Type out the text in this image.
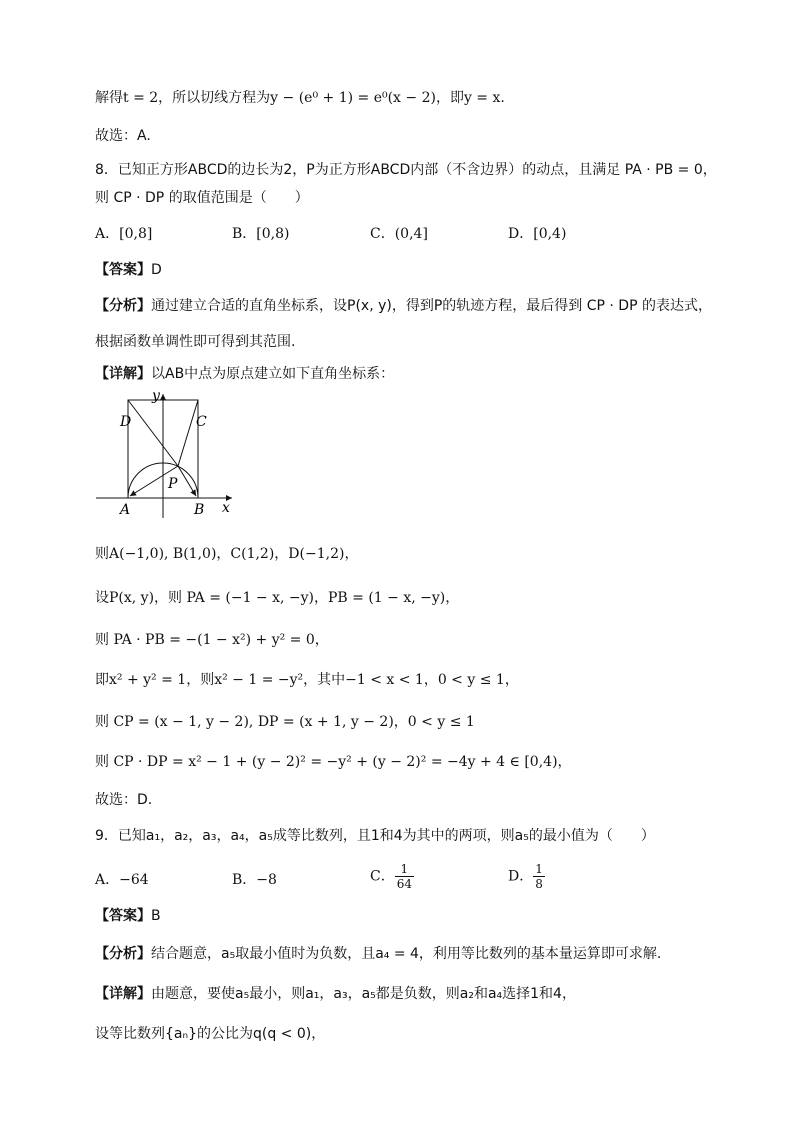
解得t = 2，所以切线方程为y − (e⁰ + 1) = e⁰(x − 2)，即y = x.
故选：A.
8．已知正方形ABCD的边长为2，P为正方形ABCD内部（不含边界）的动点，且满足 PA · PB = 0，
则 CP · DP 的取值范围是（　　）
A．[0,8]	B．[0,8)	C．(0,4]	D．[0,4)
【答案】D
【分析】通过建立合适的直角坐标系，设P(x, y)，得到P的轨迹方程，最后得到 CP · DP 的表达式，
根据函数单调性即可得到其范围.
【详解】以AB中点为原点建立如下直角坐标系：
y
x
D	C
A	B
P
则A(−1,0), B(1,0)，C(1,2)，D(−1,2)，
设P(x, y)，则 PA = (−1 − x, −y)，PB = (1 − x, −y)，
则 PA · PB = −(1 − x²) + y² = 0，
即x² + y² = 1，则x² − 1 = −y²，其中−1 < x < 1，0 < y ≤ 1，
则 CP = (x − 1, y − 2), DP = (x + 1, y − 2)，0 < y ≤ 1
则 CP · DP = x² − 1 + (y − 2)² = −y² + (y − 2)² = −4y + 4 ∈ [0,4)，
故选：D.
9．已知a₁，a₂，a₃，a₄，a₅成等比数列，且1和4为其中的两项，则a₅的最小值为（　　）
A．−64	B．−8	C． $\frac{1}{64}$	D． $\frac{1}{8}$
【答案】B
【分析】结合题意，a₅取最小值时为负数，且a₄ = 4，利用等比数列的基本量运算即可求解.
【详解】由题意，要使a₅最小，则a₁，a₃，a₅都是负数，则a₂和a₄选择1和4，
设等比数列{aₙ}的公比为q(q < 0)，
